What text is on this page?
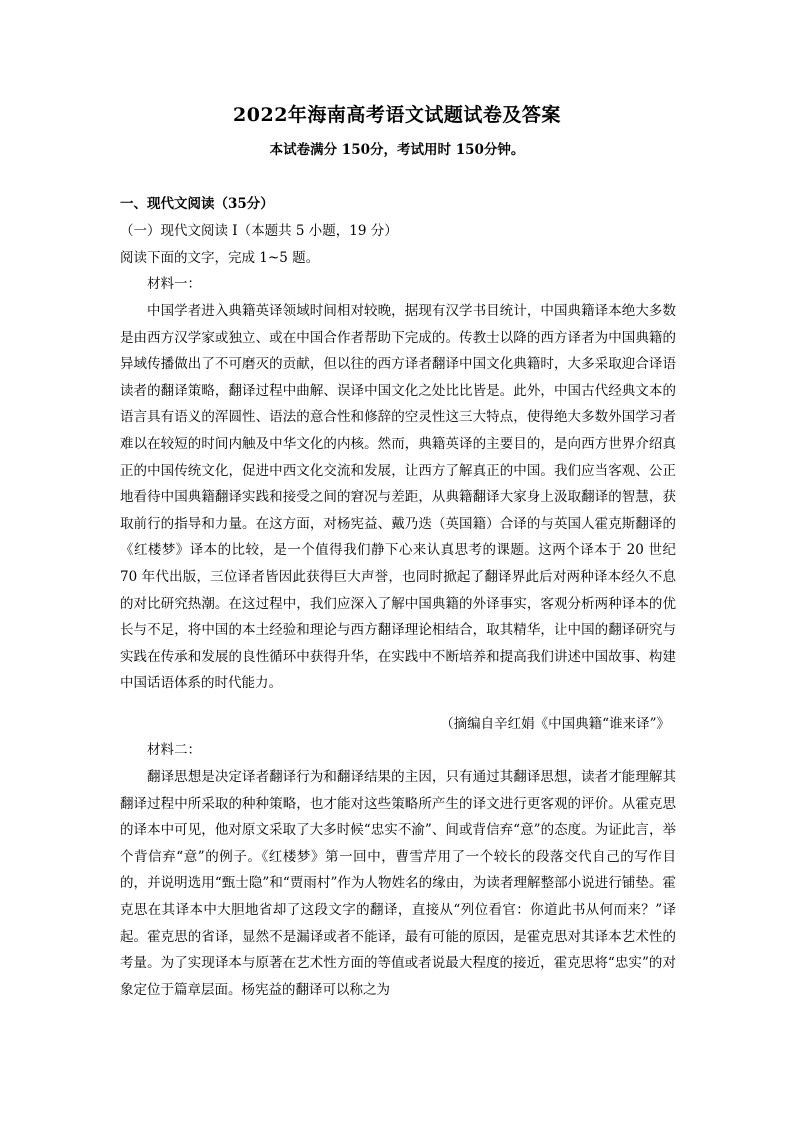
2022年海南高考语文试题试卷及答案
本试卷满分 150分，考试用时 150分钟。
一、现代文阅读（35分）
（一）现代文阅读 I（本题共 5 小题，19 分）
阅读下面的文字，完成 1~5 题。
材料一：

中国学者进入典籍英译领域时间相对较晚，据现有汉学书目统计，中国典籍译本绝大多数是由西方汉学家或独立、或在中国合作者帮助下完成的。传教士以降的西方译者为中国典籍的异域传播做出了不可磨灭的贡献，但以往的西方译者翻译中国文化典籍时，大多采取迎合译语读者的翻译策略，翻译过程中曲解、误译中国文化之处比比皆是。此外，中国古代经典文本的语言具有语义的浑圆性、语法的意合性和修辞的空灵性这三大特点，使得绝大多数外国学习者难以在较短的时间内触及中华文化的内核。然而，典籍英译的主要目的，是向西方世界介绍真正的中国传统文化，促进中西文化交流和发展，让西方了解真正的中国。我们应当客观、公正地看待中国典籍翻译实践和接受之间的窘况与差距，从典籍翻译大家身上汲取翻译的智慧，获取前行的指导和力量。在这方面，对杨宪益、戴乃迭（英国籍）合译的与英国人霍克斯翻译的《红楼梦》译本的比较，是一个值得我们静下心来认真思考的课题。这两个译本于 20 世纪 70 年代出版，三位译者皆因此获得巨大声誉，也同时掀起了翻译界此后对两种译本经久不息的对比研究热潮。在这过程中，我们应深入了解中国典籍的外译事实，客观分析两种译本的优长与不足，将中国的本土经验和理论与西方翻译理论相结合，取其精华，让中国的翻译研究与实践在传承和发展的良性循环中获得升华，在实践中不断培养和提高我们讲述中国故事、构建中国话语体系的时代能力。

（摘编自辛红娟《中国典籍“谁来译”》
材料二：

翻译思想是决定译者翻译行为和翻译结果的主因，只有通过其翻译思想，读者才能理解其翻译过程中所采取的种种策略，也才能对这些策略所产生的译文进行更客观的评价。从霍克思的译本中可见，他对原文采取了大多时候“忠实不渝”、间或背信弃“意”的态度。为证此言，举个背信弃“意”的例子。《红楼梦》第一回中，曹雪芹用了一个较长的段落交代自己的写作目的，并说明选用“甄士隐”和“贾雨村”作为人物姓名的缘由，为读者理解整部小说进行铺垫。霍克思在其译本中大胆地省却了这段文字的翻译，直接从“列位看官：你道此书从何而来？”译起。霍克思的省译，显然不是漏译或者不能译，最有可能的原因，是霍克思对其译本艺术性的考量。为了实现译本与原著在艺术性方面的等值或者说最大程度的接近，霍克思将“忠实”的对象定位于篇章层面。杨宪益的翻译可以称之为
